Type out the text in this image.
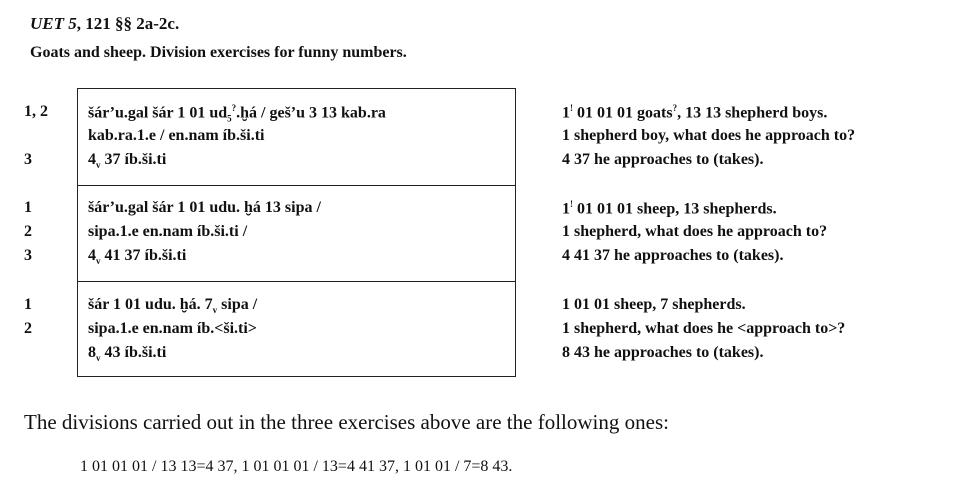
UET 5, 121 §§ 2a-2c.
Goats and sheep. Division exercises for funny numbers.
1, 2
3
šár’u.gal šár 1 01 $ud_5^?.ḫá$ / geš’u 3 13 kab.ra
kab.ra.1.e / en.nam íb.ši.ti
$4_v$ 37 íb.ši.ti
1! 01 01 01 goats?, 13 13 shepherd boys.
1 shepherd boy, what does he approach to?
4 37 he approaches to (takes).
1
2
3
šár’u.gal šár 1 01 udu. ḫá 13 sipa /
sipa.1.e en.nam íb.ši.ti /
$4_v$ 41 37 íb.ši.ti
1! 01 01 01 sheep, 13 shepherds.
1 shepherd, what does he approach to?
4 41 37 he approaches to (takes).
1
2
šár 1 01 udu. ḫá. $7_v$ sipa /
sipa.1.e en.nam íb.<ši.ti>
$8_v$ 43 íb.ši.ti
1 01 01 sheep, 7 shepherds.
1 shepherd, what does he <approach to>?
8 43 he approaches to (takes).
The divisions carried out in the three exercises above are the following ones:
1 01 01 01 / 13 13=4 37, 1 01 01 01 / 13=4 41 37, 1 01 01 / 7=8 43.
